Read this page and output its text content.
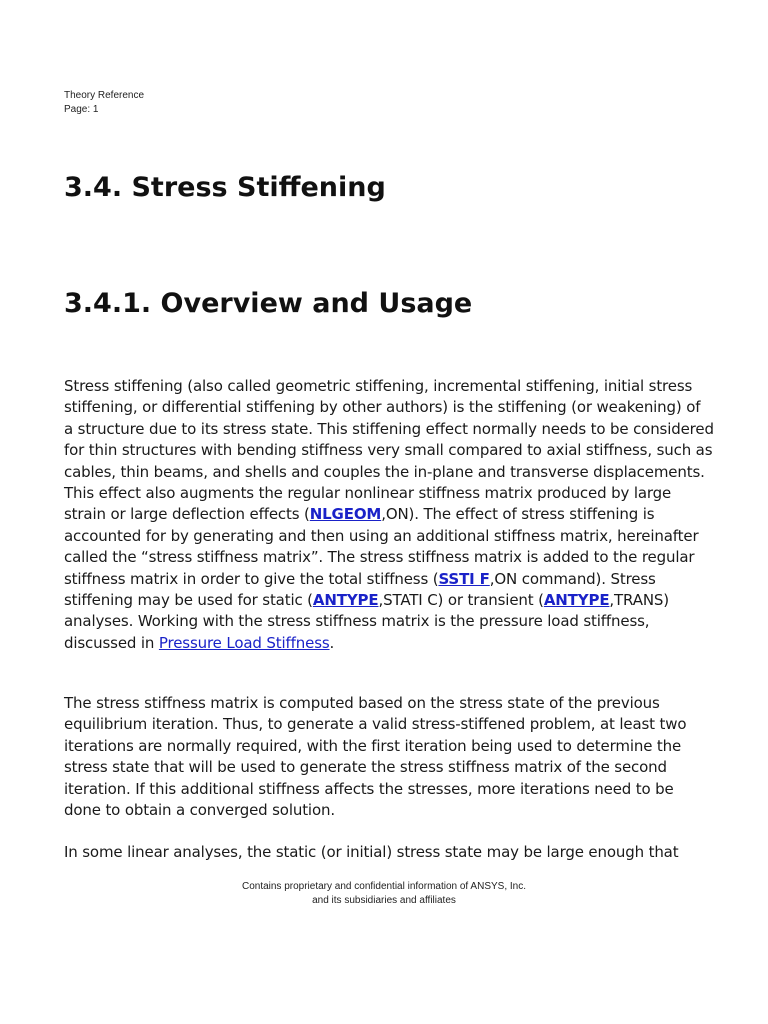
Theory Reference
Page: 1
3.4. Stress Stiffening
3.4.1. Overview and Usage

Stress stiffening (also called geometric stiffening, incremental stiffening, initial stress stiffening, or differential stiffening by other authors) is the stiffening (or weakening) of a structure due to its stress state. This stiffening effect normally needs to be considered for thin structures with bending stiffness very small compared to axial stiffness, such as cables, thin beams, and shells and couples the in-plane and transverse displacements. This effect also augments the regular nonlinear stiffness matrix produced by large strain or large deflection effects (NLGEOM,ON). The effect of stress stiffening is accounted for by generating and then using an additional stiffness matrix, hereinafter called the “stress stiffness matrix”. The stress stiffness matrix is added to the regular stiffness matrix in order to give the total stiffness (SSTI F,ON command). Stress stiffening may be used for static (ANTYPE,STATI C) or transient (ANTYPE,TRANS) analyses. Working with the stress stiffness matrix is the pressure load stiffness, discussed in Pressure Load Stiffness.

The stress stiffness matrix is computed based on the stress state of the previous equilibrium iteration. Thus, to generate a valid stress-stiffened problem, at least two iterations are normally required, with the first iteration being used to determine the stress state that will be used to generate the stress stiffness matrix of the second iteration. If this additional stiffness affects the stresses, more iterations need to be done to obtain a converged solution.

In some linear analyses, the static (or initial) stress state may be large enough that

Contains proprietary and confidential information of ANSYS, Inc.
and its subsidiaries and affiliates
